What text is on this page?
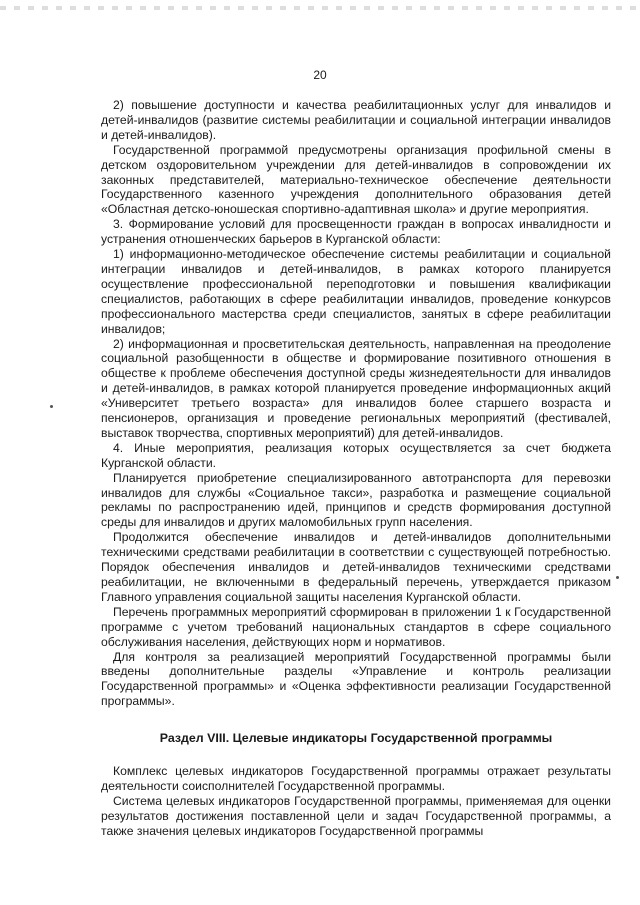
20

2) повышение доступности и качества реабилитационных услуг для инвалидов и детей-инвалидов (развитие системы реабилитации и социальной интеграции инвалидов и детей-инвалидов).

Государственной программой предусмотрены организация профильной смены в детском оздоровительном учреждении для детей-инвалидов в сопровождении их законных представителей, материально-техническое обеспечение деятельности Государственного казенного учреждения дополнительного образования детей «Областная детско-юношеская спортивно-адаптивная школа» и другие мероприятия.

3. Формирование условий для просвещенности граждан в вопросах инвалидности и устранения отношенческих барьеров в Курганской области:

1) информационно-методическое обеспечение системы реабилитации и социальной интеграции инвалидов и детей-инвалидов, в рамках которого планируется осуществление профессиональной переподготовки и повышения квалификации специалистов, работающих в сфере реабилитации инвалидов, проведение конкурсов профессионального мастерства среди специалистов, занятых в сфере реабилитации инвалидов;

2) информационная и просветительская деятельность, направленная на преодоление социальной разобщенности в обществе и формирование позитивного отношения в обществе к проблеме обеспечения доступной среды жизнедеятельности для инвалидов и детей-инвалидов, в рамках которой планируется проведение информационных акций «Университет третьего возраста» для инвалидов более старшего возраста и пенсионеров, организация и проведение региональных мероприятий (фестивалей, выставок творчества, спортивных мероприятий) для детей-инвалидов.

4. Иные мероприятия, реализация которых осуществляется за счет бюджета Курганской области.

Планируется приобретение специализированного автотранспорта для перевозки инвалидов для службы «Социальное такси», разработка и размещение социальной рекламы по распространению идей, принципов и средств формирования доступной среды для инвалидов и других маломобильных групп населения.

Продолжится обеспечение инвалидов и детей-инвалидов дополнительными техническими средствами реабилитации в соответствии с существующей потребностью. Порядок обеспечения инвалидов и детей-инвалидов техническими средствами реабилитации, не включенными в федеральный перечень, утверждается приказом Главного управления социальной защиты населения Курганской области.

Перечень программных мероприятий сформирован в приложении 1 к Государственной программе с учетом требований национальных стандартов в сфере социального обслуживания населения, действующих норм и нормативов.

Для контроля за реализацией мероприятий Государственной программы были введены дополнительные разделы «Управление и контроль реализации Государственной программы» и «Оценка эффективности реализации Государственной программы».

Раздел VIII. Целевые индикаторы Государственной программы

Комплекс целевых индикаторов Государственной программы отражает результаты деятельности соисполнителей Государственной программы.

Система целевых индикаторов Государственной программы, применяемая для оценки результатов достижения поставленной цели и задач Государственной программы, а также значения целевых индикаторов Государственной программы
